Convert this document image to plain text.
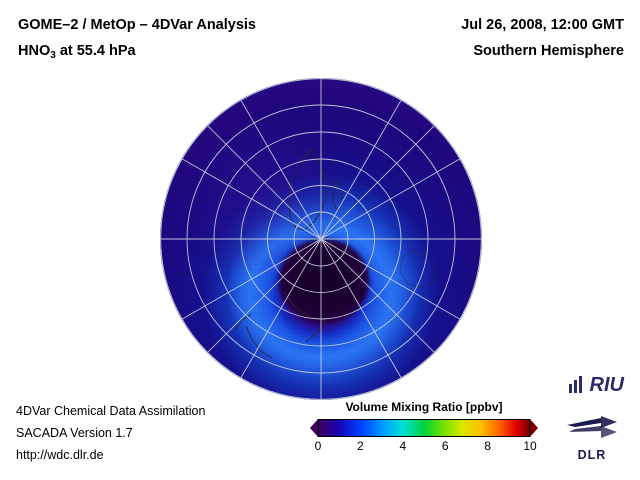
GOME–2 / MetOp – 4DVar Analysis
$HNO_3$ at 55.4 hPa
Jul 26, 2008, 12:00 GMT
Southern Hemisphere
4DVar Chemical Data Assimilation
SACADA Version 1.7
http://wdc.dlr.de
Volume Mixing Ratio [ppbv]
0	2	4	6	8	10
RIU
DLR
